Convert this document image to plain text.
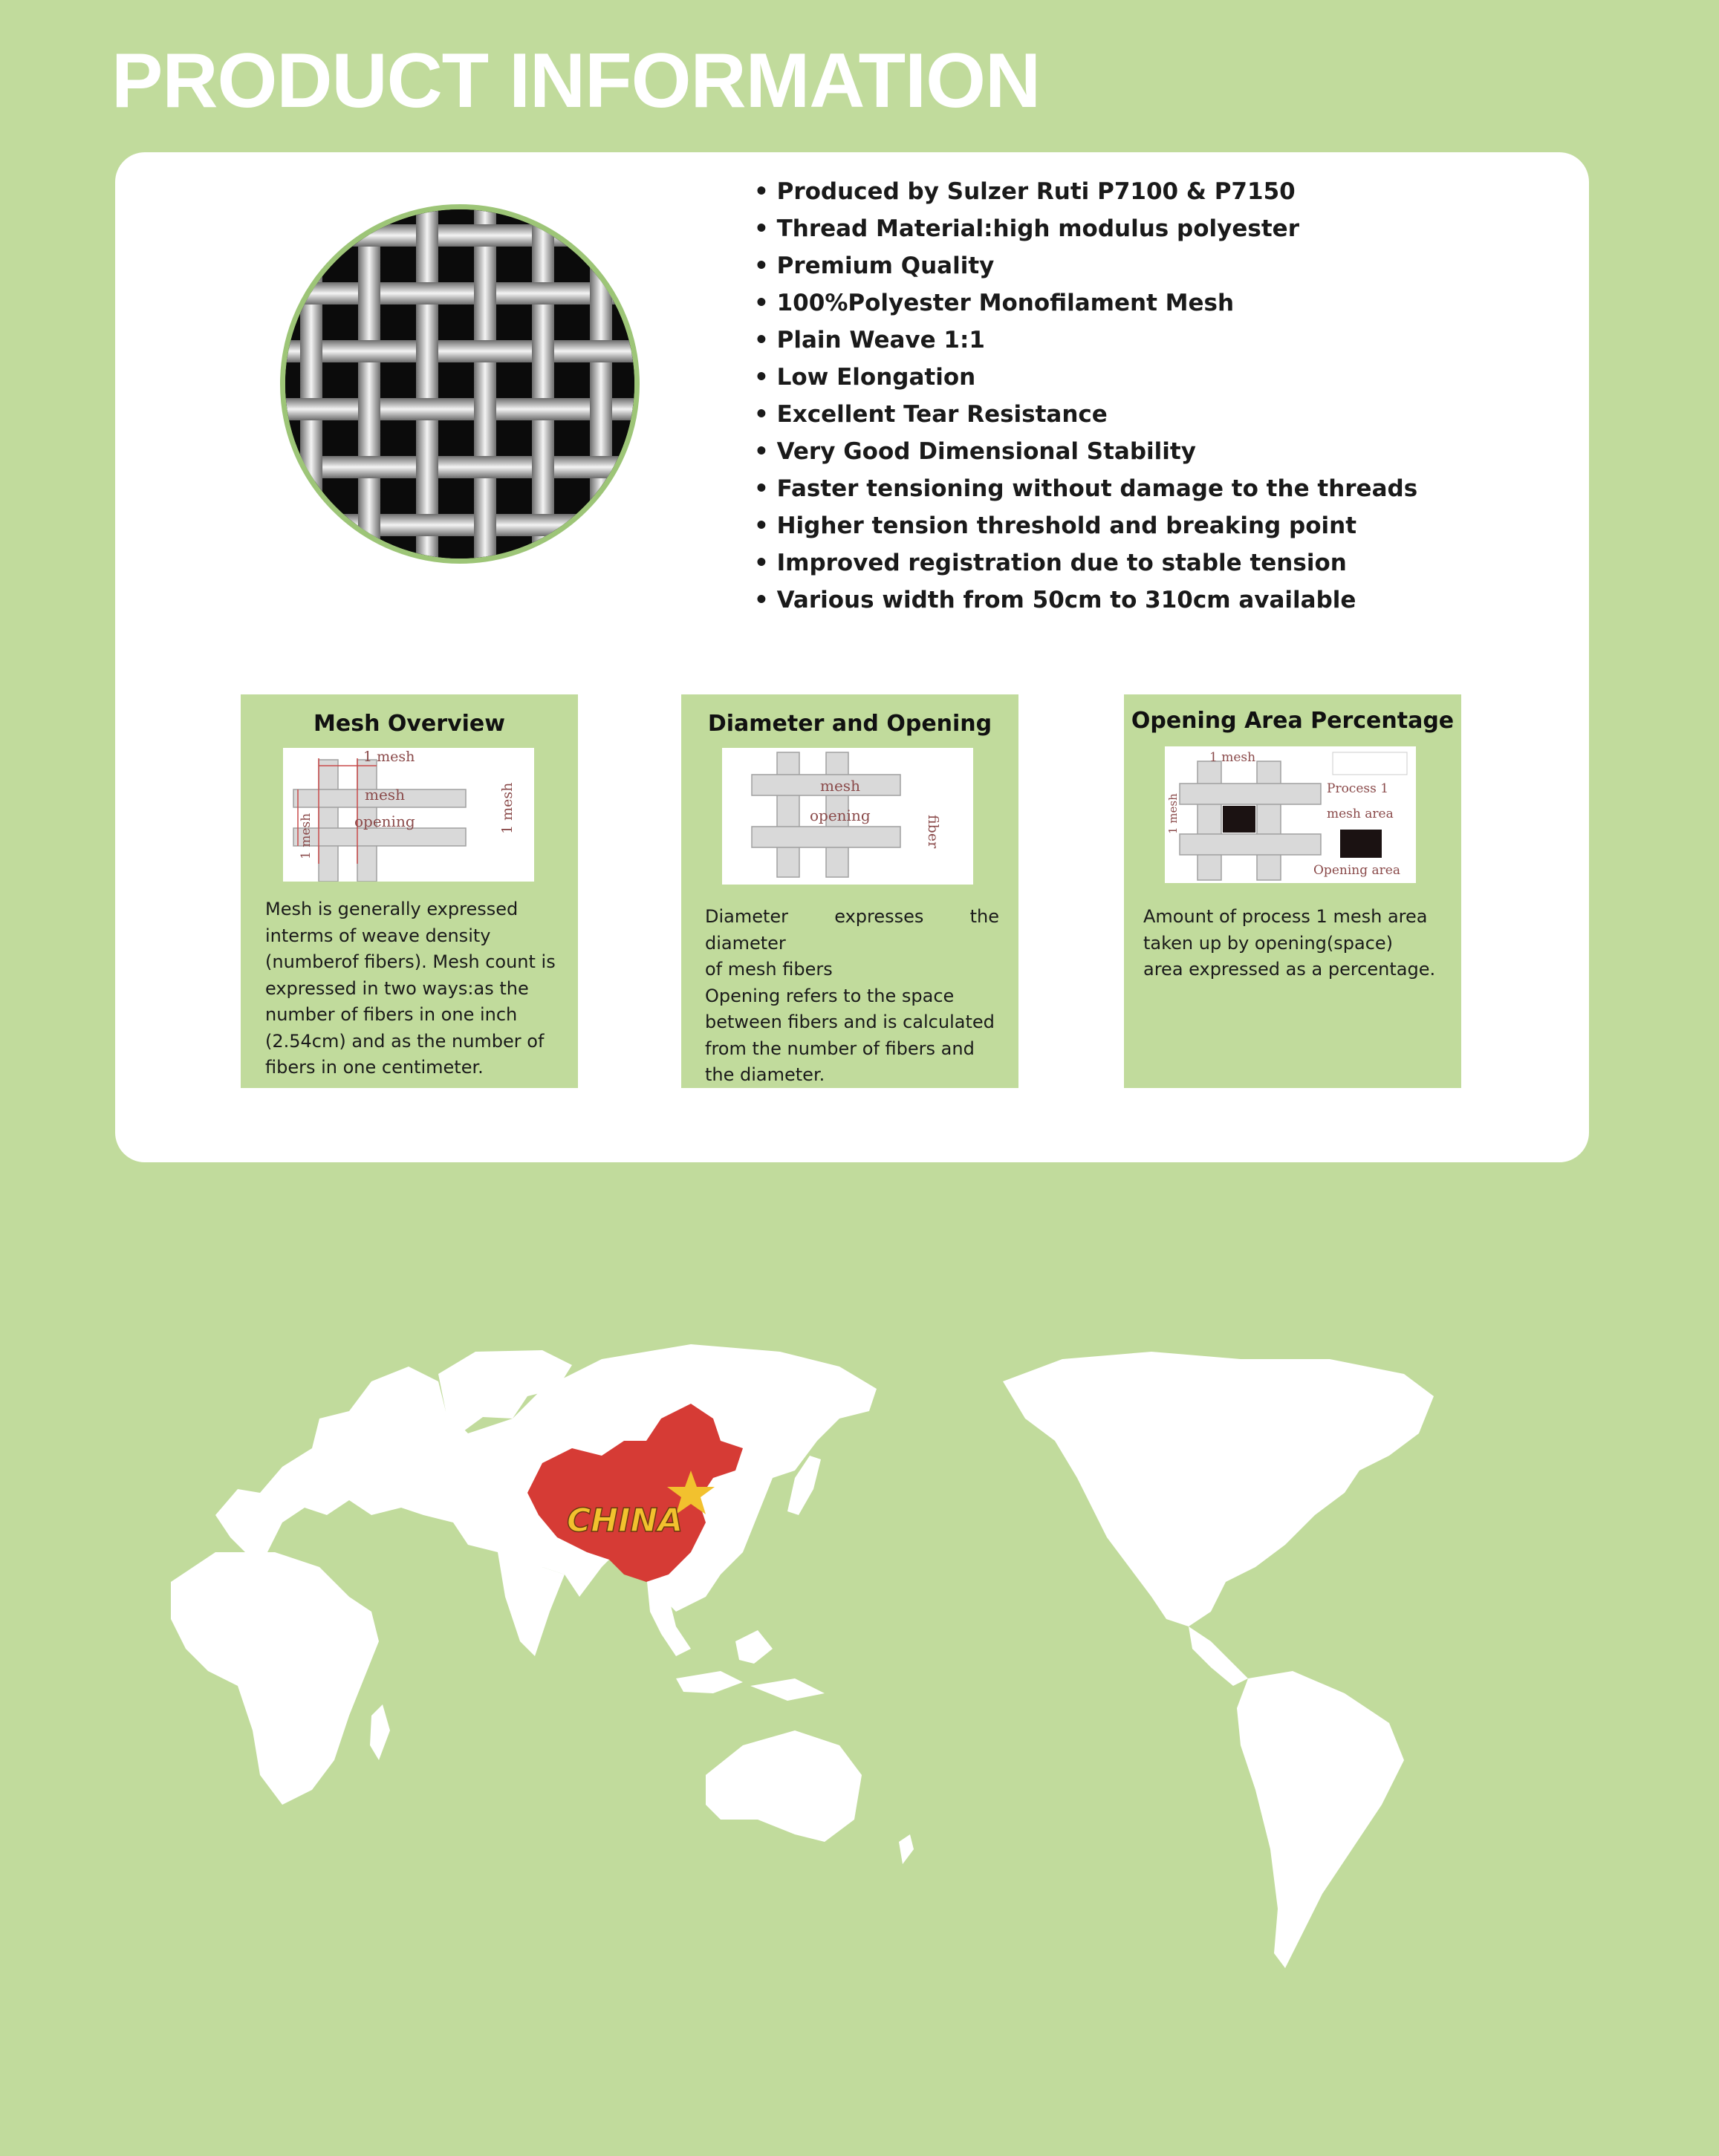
PRODUCT INFORMATION
• Produced by Sulzer Ruti P7100 & P7150
• Thread Material:high modulus polyester
• Premium Quality
• 100%Polyester Monofilament Mesh
• Plain Weave 1:1
• Low Elongation
• Excellent Tear Resistance
• Very Good Dimensional Stability
• Faster tensioning without damage to the threads
• Higher tension threshold and breaking point
• Improved registration due to stable tension
• Various width from 50cm to 310cm available
Mesh Overview
1 mesh
mesh
opening
1 mesh
1 mesh

Mesh is generally expressed
interms of weave density
(numberof fibers). Mesh count is
expressed in two ways:as the
number of fibers in one inch
(2.54cm) and as the number of
fibers in one centimeter.

Diameter and Opening
mesh
opening	fiber

Diameter expresses the diameter
of mesh fibers
Opening refers to the space
between fibers and is calculated
from the number of fibers and
the diameter.

Opening Area Percentage
1 mesh
1 mesh
Process 1
mesh area
Opening area

Amount of process 1 mesh area
taken up by opening(space)
area expressed as a percentage.

CHINA
